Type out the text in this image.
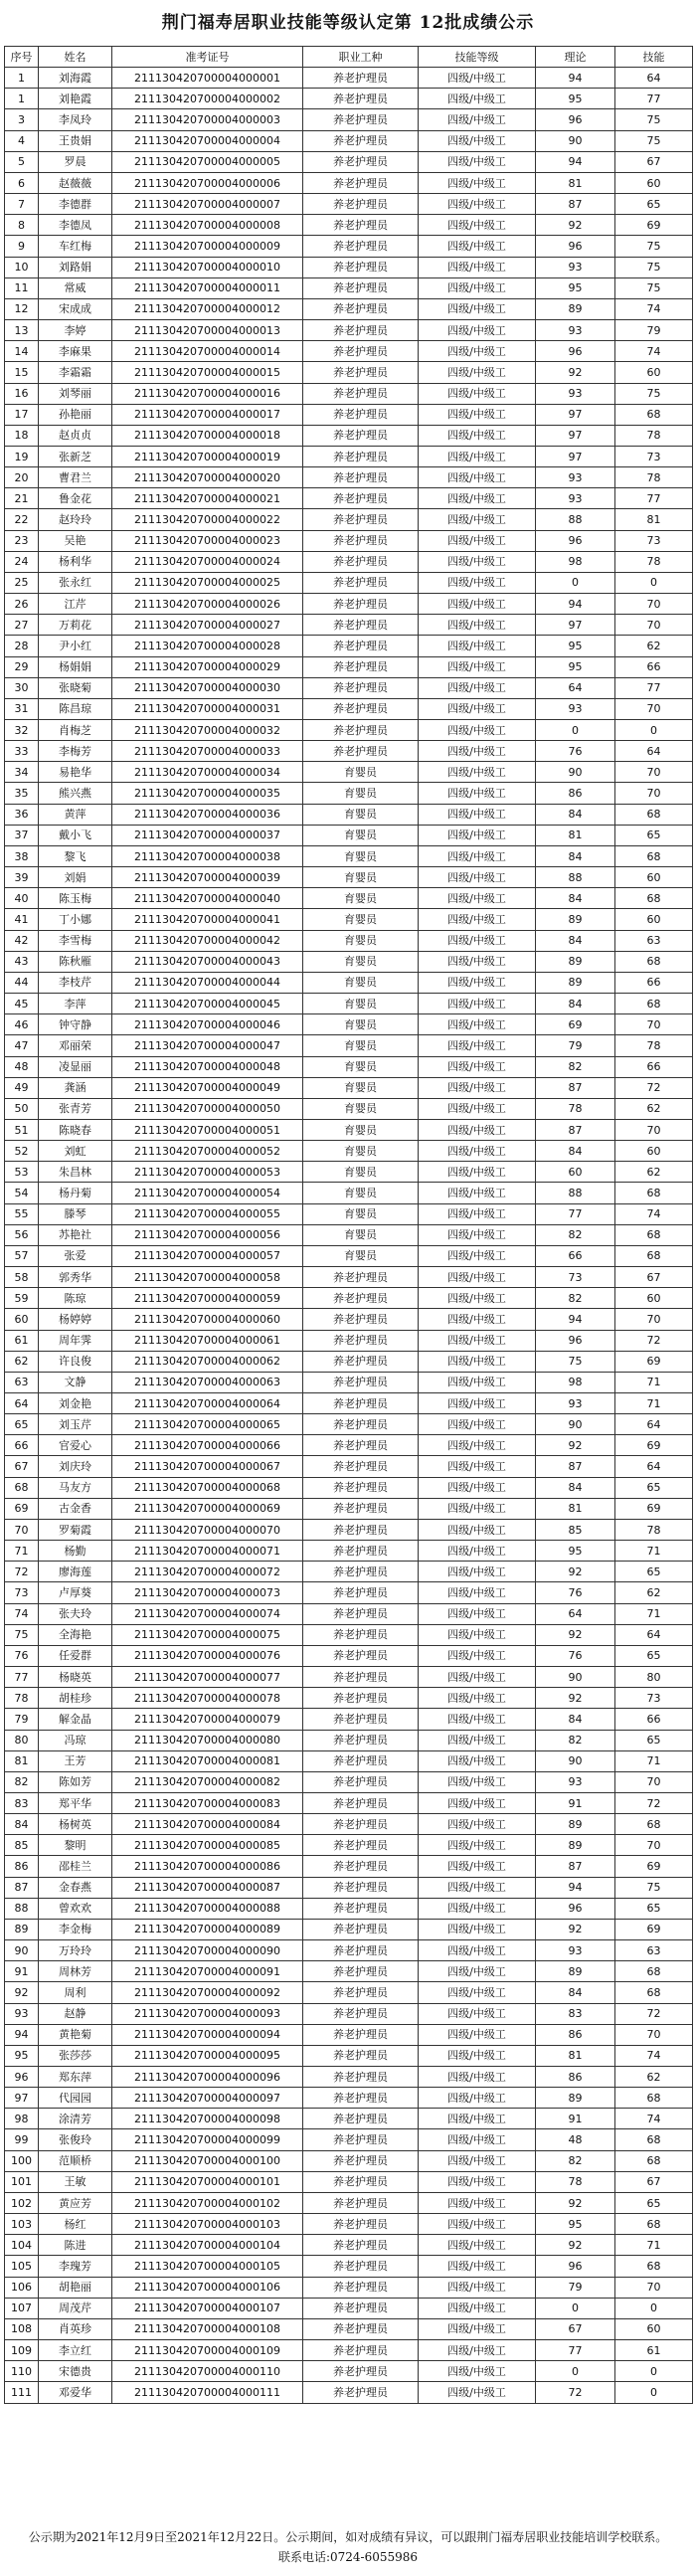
荆门福寿居职业技能等级认定第 12批成绩公示
序号	姓名	准考证号	职业工种	技能等级	理论	技能
1	刘海霞	211130420700004000001	养老护理员	四级/中级工	94	64
1	刘艳霞	211130420700004000002	养老护理员	四级/中级工	95	77
3	李凤玲	211130420700004000003	养老护理员	四级/中级工	96	75
4	王贵娟	211130420700004000004	养老护理员	四级/中级工	90	75
5	罗晨	211130420700004000005	养老护理员	四级/中级工	94	67
6	赵薇薇	211130420700004000006	养老护理员	四级/中级工	81	60
7	李德群	211130420700004000007	养老护理员	四级/中级工	87	65
8	李德凤	211130420700004000008	养老护理员	四级/中级工	92	69
9	车红梅	211130420700004000009	养老护理员	四级/中级工	96	75
10	刘路娟	211130420700004000010	养老护理员	四级/中级工	93	75
11	常威	211130420700004000011	养老护理员	四级/中级工	95	75
12	宋成成	211130420700004000012	养老护理员	四级/中级工	89	74
13	李婷	211130420700004000013	养老护理员	四级/中级工	93	79
14	李麻果	211130420700004000014	养老护理员	四级/中级工	96	74
15	李霜霜	211130420700004000015	养老护理员	四级/中级工	92	60
16	刘琴丽	211130420700004000016	养老护理员	四级/中级工	93	75
17	孙艳丽	211130420700004000017	养老护理员	四级/中级工	97	68
18	赵贞贞	211130420700004000018	养老护理员	四级/中级工	97	78
19	张新芝	211130420700004000019	养老护理员	四级/中级工	97	73
20	曹君兰	211130420700004000020	养老护理员	四级/中级工	93	78
21	鲁金花	211130420700004000021	养老护理员	四级/中级工	93	77
22	赵玲玲	211130420700004000022	养老护理员	四级/中级工	88	81
23	吴艳	211130420700004000023	养老护理员	四级/中级工	96	73
24	杨利华	211130420700004000024	养老护理员	四级/中级工	98	78
25	张永红	211130420700004000025	养老护理员	四级/中级工	0	0
26	江芹	211130420700004000026	养老护理员	四级/中级工	94	70
27	万莉花	211130420700004000027	养老护理员	四级/中级工	97	70
28	尹小红	211130420700004000028	养老护理员	四级/中级工	95	62
29	杨娟娟	211130420700004000029	养老护理员	四级/中级工	95	66
30	张晓菊	211130420700004000030	养老护理员	四级/中级工	64	77
31	陈昌琼	211130420700004000031	养老护理员	四级/中级工	93	70
32	肖梅芝	211130420700004000032	养老护理员	四级/中级工	0	0
33	李梅芳	211130420700004000033	养老护理员	四级/中级工	76	64
34	易艳华	211130420700004000034	育婴员	四级/中级工	90	70
35	熊兴燕	211130420700004000035	育婴员	四级/中级工	86	70
36	黄萍	211130420700004000036	育婴员	四级/中级工	84	68
37	戴小飞	211130420700004000037	育婴员	四级/中级工	81	65
38	黎飞	211130420700004000038	育婴员	四级/中级工	84	68
39	刘娟	211130420700004000039	育婴员	四级/中级工	88	60
40	陈玉梅	211130420700004000040	育婴员	四级/中级工	84	68
41	丁小娜	211130420700004000041	育婴员	四级/中级工	89	60
42	李雪梅	211130420700004000042	育婴员	四级/中级工	84	63
43	陈秋雁	211130420700004000043	育婴员	四级/中级工	89	68
44	李枝芹	211130420700004000044	育婴员	四级/中级工	89	66
45	李萍	211130420700004000045	育婴员	四级/中级工	84	68
46	钟守静	211130420700004000046	育婴员	四级/中级工	69	70
47	邓丽荣	211130420700004000047	育婴员	四级/中级工	79	78
48	凌显丽	211130420700004000048	育婴员	四级/中级工	82	66
49	龚涵	211130420700004000049	育婴员	四级/中级工	87	72
50	张青芳	211130420700004000050	育婴员	四级/中级工	78	62
51	陈晓春	211130420700004000051	育婴员	四级/中级工	87	70
52	刘虹	211130420700004000052	育婴员	四级/中级工	84	60
53	朱昌林	211130420700004000053	育婴员	四级/中级工	60	62
54	杨丹菊	211130420700004000054	育婴员	四级/中级工	88	68
55	滕琴	211130420700004000055	育婴员	四级/中级工	77	74
56	苏艳社	211130420700004000056	育婴员	四级/中级工	82	68
57	张爱	211130420700004000057	育婴员	四级/中级工	66	68
58	郭秀华	211130420700004000058	养老护理员	四级/中级工	73	67
59	陈琼	211130420700004000059	养老护理员	四级/中级工	82	60
60	杨婷婷	211130420700004000060	养老护理员	四级/中级工	94	70
61	周年霁	211130420700004000061	养老护理员	四级/中级工	96	72
62	许良俊	211130420700004000062	养老护理员	四级/中级工	75	69
63	文静	211130420700004000063	养老护理员	四级/中级工	98	71
64	刘金艳	211130420700004000064	养老护理员	四级/中级工	93	71
65	刘玉芹	211130420700004000065	养老护理员	四级/中级工	90	64
66	官爱心	211130420700004000066	养老护理员	四级/中级工	92	69
67	刘庆玲	211130420700004000067	养老护理员	四级/中级工	87	64
68	马友方	211130420700004000068	养老护理员	四级/中级工	84	65
69	古金香	211130420700004000069	养老护理员	四级/中级工	81	69
70	罗菊霞	211130420700004000070	养老护理员	四级/中级工	85	78
71	杨勤	211130420700004000071	养老护理员	四级/中级工	95	71
72	廖海莲	211130420700004000072	养老护理员	四级/中级工	92	65
73	卢厚葵	211130420700004000073	养老护理员	四级/中级工	76	62
74	张夫玲	211130420700004000074	养老护理员	四级/中级工	64	71
75	全海艳	211130420700004000075	养老护理员	四级/中级工	92	64
76	任爱群	211130420700004000076	养老护理员	四级/中级工	76	65
77	杨晓英	211130420700004000077	养老护理员	四级/中级工	90	80
78	胡桂珍	211130420700004000078	养老护理员	四级/中级工	92	73
79	解金晶	211130420700004000079	养老护理员	四级/中级工	84	66
80	冯琼	211130420700004000080	养老护理员	四级/中级工	82	65
81	王芳	211130420700004000081	养老护理员	四级/中级工	90	71
82	陈如芳	211130420700004000082	养老护理员	四级/中级工	93	70
83	郑平华	211130420700004000083	养老护理员	四级/中级工	91	72
84	杨树英	211130420700004000084	养老护理员	四级/中级工	89	68
85	黎明	211130420700004000085	养老护理员	四级/中级工	89	70
86	邵桂兰	211130420700004000086	养老护理员	四级/中级工	87	69
87	金春燕	211130420700004000087	养老护理员	四级/中级工	94	75
88	曾欢欢	211130420700004000088	养老护理员	四级/中级工	96	65
89	李金梅	211130420700004000089	养老护理员	四级/中级工	92	69
90	万玲玲	211130420700004000090	养老护理员	四级/中级工	93	63
91	周林芳	211130420700004000091	养老护理员	四级/中级工	89	68
92	周利	211130420700004000092	养老护理员	四级/中级工	84	68
93	赵静	211130420700004000093	养老护理员	四级/中级工	83	72
94	黄艳菊	211130420700004000094	养老护理员	四级/中级工	86	70
95	张莎莎	211130420700004000095	养老护理员	四级/中级工	81	74
96	郑东萍	211130420700004000096	养老护理员	四级/中级工	86	62
97	代园园	211130420700004000097	养老护理员	四级/中级工	89	68
98	涂清芳	211130420700004000098	养老护理员	四级/中级工	91	74
99	张俊玲	211130420700004000099	养老护理员	四级/中级工	48	68
100	范顺桥	211130420700004000100	养老护理员	四级/中级工	82	68
101	王敏	211130420700004000101	养老护理员	四级/中级工	78	67
102	黄应芳	211130420700004000102	养老护理员	四级/中级工	92	65
103	杨红	211130420700004000103	养老护理员	四级/中级工	95	68
104	陈进	211130420700004000104	养老护理员	四级/中级工	92	71
105	李瑰芳	211130420700004000105	养老护理员	四级/中级工	96	68
106	胡艳丽	211130420700004000106	养老护理员	四级/中级工	79	70
107	周茂芹	211130420700004000107	养老护理员	四级/中级工	0	0
108	肖英珍	211130420700004000108	养老护理员	四级/中级工	67	60
109	李立红	211130420700004000109	养老护理员	四级/中级工	77	61
110	宋德贵	211130420700004000110	养老护理员	四级/中级工	0	0
111	邓爱华	211130420700004000111	养老护理员	四级/中级工	72	0
公示期为2021年12月9日至2021年12月22日。公示期间，如对成绩有异议，可以跟荆门福寿居职业技能培训学校联系。
联系电话:0724-6055986
